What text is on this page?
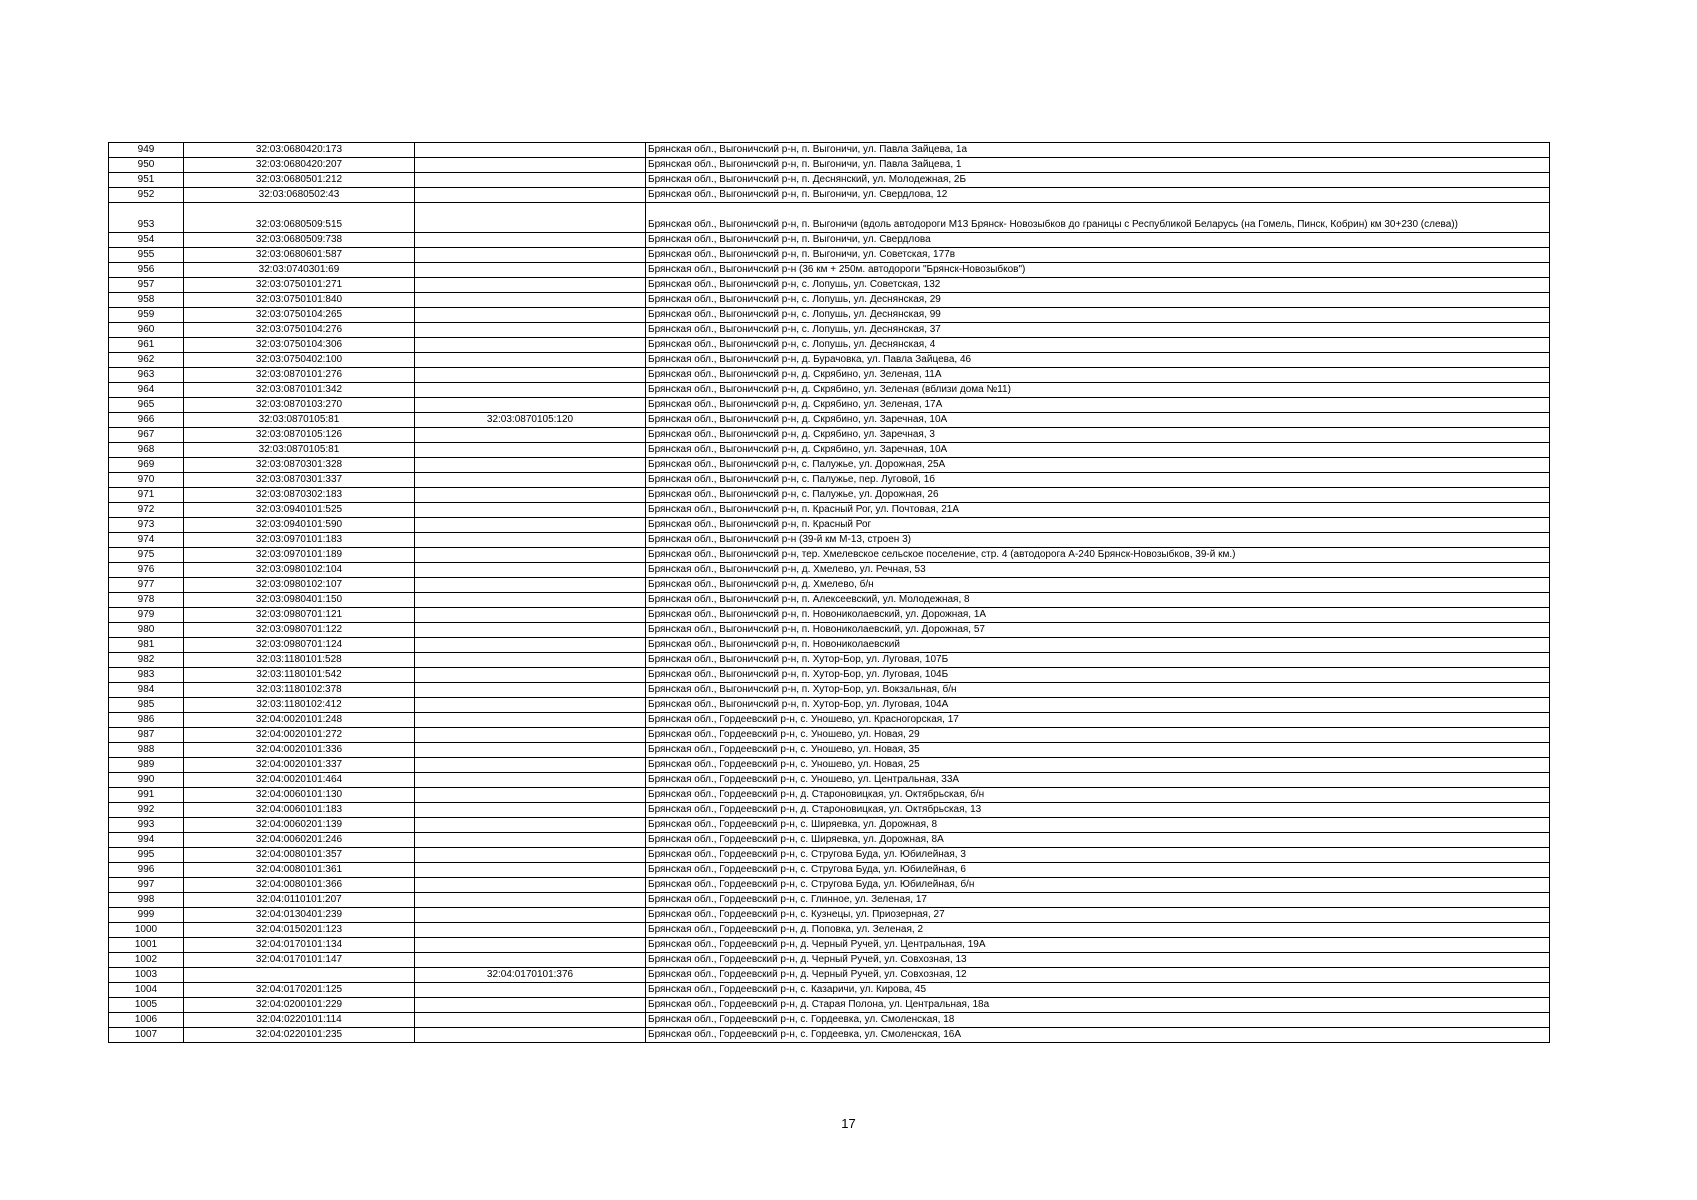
949	32:03:0680420:173		Брянская обл., Выгоничский р-н, п. Выгоничи, ул. Павла Зайцева, 1а
950	32:03:0680420:207		Брянская обл., Выгоничский р-н, п. Выгоничи, ул. Павла Зайцева, 1
951	32:03:0680501:212		Брянская обл., Выгоничский р-н, п. Деснянский, ул. Молодежная, 2Б
952	32:03:0680502:43		Брянская обл., Выгоничский р-н, п. Выгоничи, ул. Свердлова, 12
953	32:03:0680509:515		Брянская обл., Выгоничский р-н, п. Выгоничи (вдоль автодороги М13 Брянск- Новозыбков до границы с Республикой Беларусь (на Гомель, Пинск, Кобрин) км 30+230 (слева))
954	32:03:0680509:738		Брянская обл., Выгоничский р-н, п. Выгоничи, ул. Свердлова
955	32:03:0680601:587		Брянская обл., Выгоничский р-н, п. Выгоничи, ул. Советская, 177в
956	32:03:0740301:69		Брянская обл., Выгоничский р-н (36 км + 250м. автодороги "Брянск-Новозыбков")
957	32:03:0750101:271		Брянская обл., Выгоничский р-н, с. Лопушь, ул. Советская, 132
958	32:03:0750101:840		Брянская обл., Выгоничский р-н, с. Лопушь, ул. Деснянская, 29
959	32:03:0750104:265		Брянская обл., Выгоничский р-н, с. Лопушь, ул. Деснянская, 99
960	32:03:0750104:276		Брянская обл., Выгоничский р-н, с. Лопушь, ул. Деснянская, 37
961	32:03:0750104:306		Брянская обл., Выгоничский р-н, с. Лопушь, ул. Деснянская, 4
962	32:03:0750402:100		Брянская обл., Выгоничский р-н, д. Бурачовка, ул. Павла Зайцева, 46
963	32:03:0870101:276		Брянская обл., Выгоничский р-н, д. Скрябино, ул. Зеленая, 11А
964	32:03:0870101:342		Брянская обл., Выгоничский р-н, д. Скрябино, ул. Зеленая (вблизи дома №11)
965	32:03:0870103:270		Брянская обл., Выгоничский р-н, д. Скрябино, ул. Зеленая, 17А
966	32:03:0870105:81	32:03:0870105:120	Брянская обл., Выгоничский р-н, д. Скрябино, ул. Заречная, 10А
967	32:03:0870105:126		Брянская обл., Выгоничский р-н, д. Скрябино, ул. Заречная, 3
968	32:03:0870105:81		Брянская обл., Выгоничский р-н, д. Скрябино, ул. Заречная, 10А
969	32:03:0870301:328		Брянская обл., Выгоничский р-н, с. Палужье, ул. Дорожная, 25А
970	32:03:0870301:337		Брянская обл., Выгоничский р-н, с. Палужье, пер. Луговой, 1б
971	32:03:0870302:183		Брянская обл., Выгоничский р-н, с. Палужье, ул. Дорожная, 26
972	32:03:0940101:525		Брянская обл., Выгоничский р-н, п. Красный Рог, ул. Почтовая, 21А
973	32:03:0940101:590		Брянская обл., Выгоничский р-н, п. Красный Рог
974	32:03:0970101:183		Брянская обл., Выгоничский р-н (39-й км М-13, строен 3)
975	32:03:0970101:189		Брянская обл., Выгоничский р-н, тер. Хмелевское сельское поселение, стр. 4 (автодорога А-240 Брянск-Новозыбков, 39-й км.)
976	32:03:0980102:104		Брянская обл., Выгоничский р-н, д. Хмелево, ул. Речная, 53
977	32:03:0980102:107		Брянская обл., Выгоничский р-н, д. Хмелево, б/н
978	32:03:0980401:150		Брянская обл., Выгоничский р-н, п. Алексеевский, ул. Молодежная, 8
979	32:03:0980701:121		Брянская обл., Выгоничский р-н, п. Новониколаевский, ул. Дорожная, 1А
980	32:03:0980701:122		Брянская обл., Выгоничский р-н, п. Новониколаевский, ул. Дорожная, 57
981	32:03:0980701:124		Брянская обл., Выгоничский р-н, п. Новониколаевский
982	32:03:1180101:528		Брянская обл., Выгоничский р-н, п. Хутор-Бор, ул. Луговая, 107Б
983	32:03:1180101:542		Брянская обл., Выгоничский р-н, п. Хутор-Бор, ул. Луговая, 104Б
984	32:03:1180102:378		Брянская обл., Выгоничский р-н, п. Хутор-Бор, ул. Вокзальная, б/н
985	32:03:1180102:412		Брянская обл., Выгоничский р-н, п. Хутор-Бор, ул. Луговая, 104А
986	32:04:0020101:248		Брянская обл., Гордеевский р-н, с. Уношево, ул. Красногорская, 17
987	32:04:0020101:272		Брянская обл., Гордеевский р-н, с. Уношево, ул. Новая, 29
988	32:04:0020101:336		Брянская обл., Гордеевский р-н, с. Уношево, ул. Новая, 35
989	32:04:0020101:337		Брянская обл., Гордеевский р-н, с. Уношево, ул. Новая, 25
990	32:04:0020101:464		Брянская обл., Гордеевский р-н, с. Уношево, ул. Центральная, 33А
991	32:04:0060101:130		Брянская обл., Гордеевский р-н, д. Староновицкая, ул. Октябрьская, б/н
992	32:04:0060101:183		Брянская обл., Гордеевский р-н, д. Староновицкая, ул. Октябрьская, 13
993	32:04:0060201:139		Брянская обл., Гордеевский р-н, с. Ширяевка, ул. Дорожная, 8
994	32:04:0060201:246		Брянская обл., Гордеевский р-н, с. Ширяевка, ул. Дорожная, 8А
995	32:04:0080101:357		Брянская обл., Гордеевский р-н, с. Стругова Буда, ул. Юбилейная, 3
996	32:04:0080101:361		Брянская обл., Гордеевский р-н, с. Стругова Буда, ул. Юбилейная, 6
997	32:04:0080101:366		Брянская обл., Гордеевский р-н, с. Стругова Буда, ул. Юбилейная, б/н
998	32:04:0110101:207		Брянская обл., Гордеевский р-н, с. Глинное, ул. Зеленая, 17
999	32:04:0130401:239		Брянская обл., Гордеевский р-н, с. Кузнецы, ул. Приозерная, 27
1000	32:04:0150201:123		Брянская обл., Гордеевский р-н, д. Поповка, ул. Зеленая, 2
1001	32:04:0170101:134		Брянская обл., Гордеевский р-н, д. Черный Ручей, ул. Центральная, 19А
1002	32:04:0170101:147		Брянская обл., Гордеевский р-н, д. Черный Ручей, ул. Совхозная, 13
1003		32:04:0170101:376	Брянская обл., Гордеевский р-н, д. Черный Ручей, ул. Совхозная, 12
1004	32:04:0170201:125		Брянская обл., Гордеевский р-н, с. Казаричи, ул. Кирова, 45
1005	32:04:0200101:229		Брянская обл., Гордеевский р-н, д. Старая Полона, ул. Центральная, 18а
1006	32:04:0220101:114		Брянская обл., Гордеевский р-н, с. Гордеевка, ул. Смоленская, 18
1007	32:04:0220101:235		Брянская обл., Гордеевский р-н, с. Гордеевка, ул. Смоленская, 16А
17
